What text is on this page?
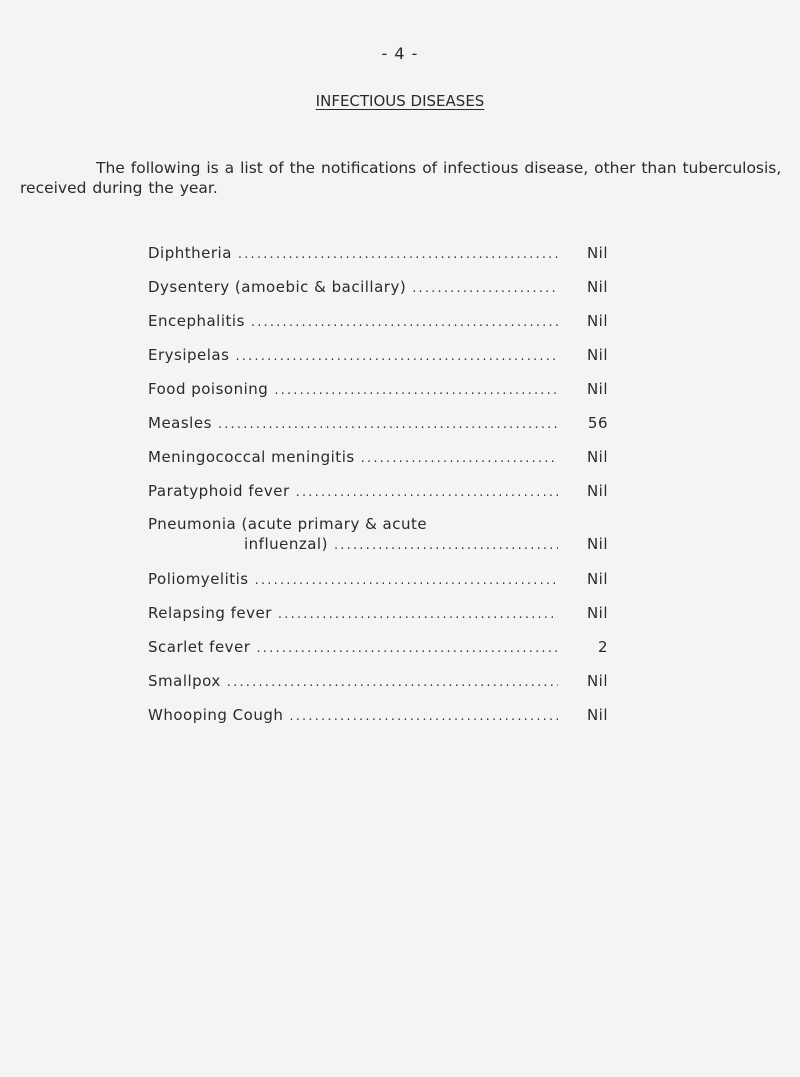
- 4 -
INFECTIOUS DISEASES

The following is a list of the notifications of infectious disease, other than tuberculosis, received during the year.

Diphtheria .....	Nil
Dysentery (amoebic & bacillary) .....	Nil
Encephalitis .....	Nil
Erysipelas .....	Nil
Food poisoning .....	Nil
Measles .....	56
Meningococcal meningitis .....	Nil
Paratyphoid fever .....	Nil
Pneumonia (acute primary & acute
influenzal) .....	Nil
Poliomyelitis .....	Nil
Relapsing fever .....	Nil
Scarlet fever .....	2
Smallpox .....	Nil
Whooping Cough .....	Nil
